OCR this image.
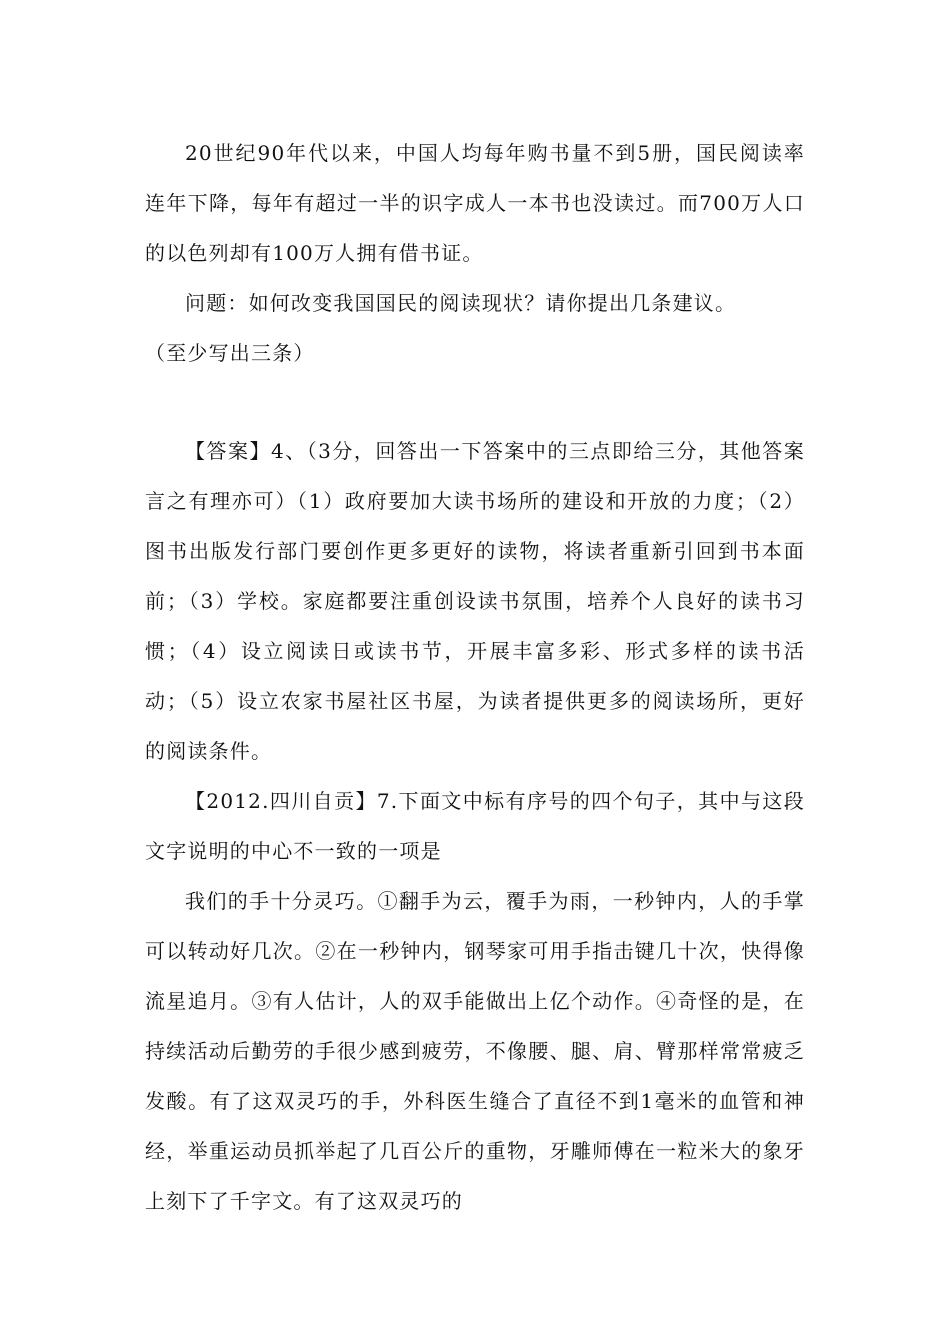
20世纪90年代以来，中国人均每年购书量不到5册，国民阅读率连年下降，每年有超过一半的识字成人一本书也没读过。而700万人口的以色列却有100万人拥有借书证。

问题：如何改变我国国民的阅读现状？请你提出几条建议。

（至少写出三条）

【答案】4、（3分，回答出一下答案中的三点即给三分，其他答案言之有理亦可）（1）政府要加大读书场所的建设和开放的力度；（2）图书出版发行部门要创作更多更好的读物，将读者重新引回到书本面前；（3）学校。家庭都要注重创设读书氛围，培养个人良好的读书习惯；（4）设立阅读日或读书节，开展丰富多彩、形式多样的读书活动；（5）设立农家书屋社区书屋，为读者提供更多的阅读场所，更好的阅读条件。

【2012.四川自贡】7.下面文中标有序号的四个句子，其中与这段文字说明的中心不一致的一项是

我们的手十分灵巧。①翻手为云，覆手为雨，一秒钟内，人的手掌可以转动好几次。②在一秒钟内，钢琴家可用手指击键几十次，快得像流星追月。③有人估计，人的双手能做出上亿个动作。④奇怪的是，在持续活动后勤劳的手很少感到疲劳，不像腰、腿、肩、臂那样常常疲乏发酸。有了这双灵巧的手，外科医生缝合了直径不到1毫米的血管和神经，举重运动员抓举起了几百公斤的重物，牙雕师傅在一粒米大的象牙上刻下了千字文。有了这双灵巧的
